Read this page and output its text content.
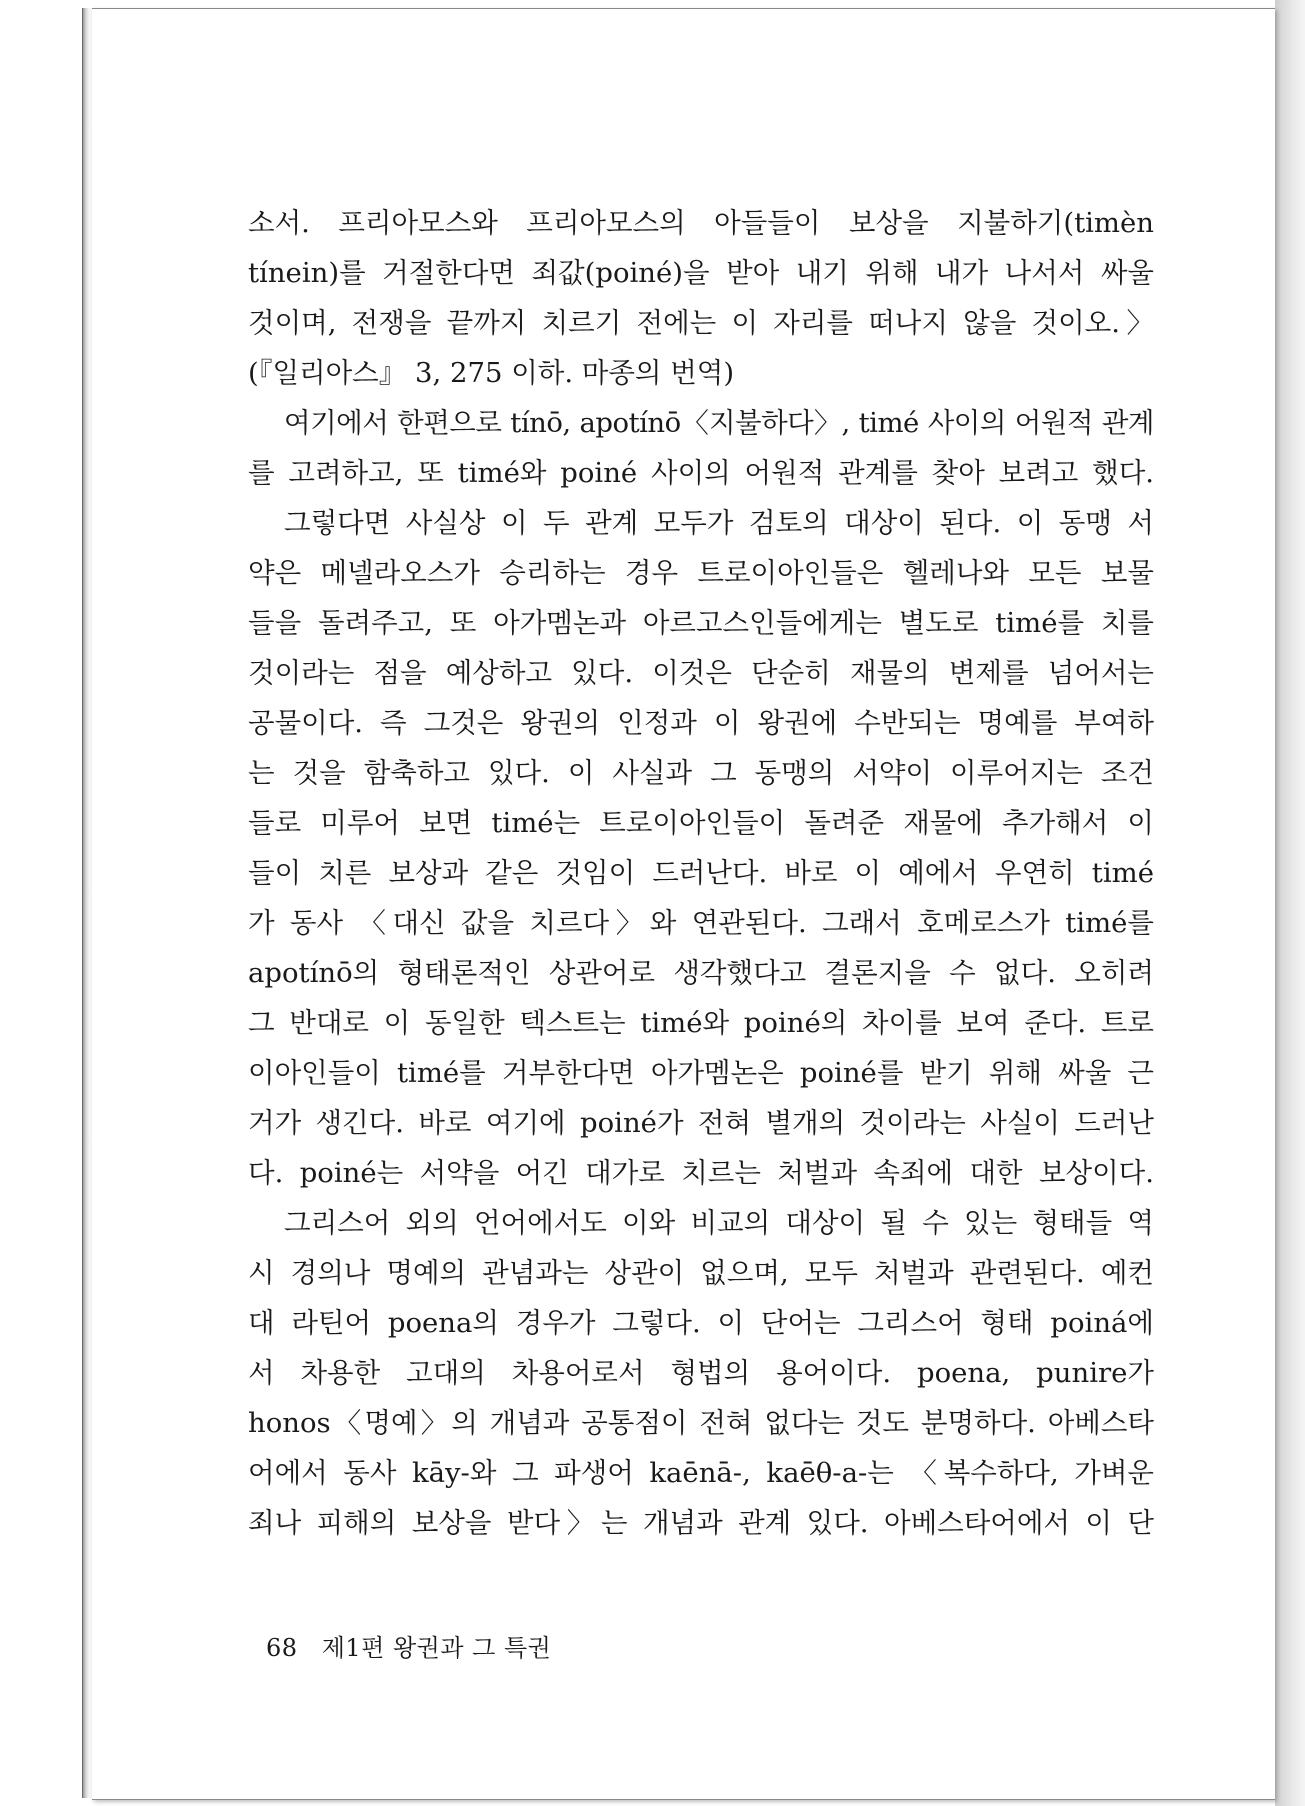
소서. 프리아모스와 프리아모스의 아들들이 보상을 지불하기(timèn
tínein)를 거절한다면 죄값(poiné)을 받아 내기 위해 내가 나서서 싸울
것이며, 전쟁을 끝까지 치르기 전에는 이 자리를 떠나지 않을 것이오.〉
(『일리아스』 3, 275 이하. 마종의 번역)
여기에서 한편으로 tínō, apotínō〈지불하다〉, timé 사이의 어원적 관계
를 고려하고, 또 timé와 poiné 사이의 어원적 관계를 찾아 보려고 했다.
그렇다면 사실상 이 두 관계 모두가 검토의 대상이 된다. 이 동맹 서
약은 메넬라오스가 승리하는 경우 트로이아인들은 헬레나와 모든 보물
들을 돌려주고, 또 아가멤논과 아르고스인들에게는 별도로 timé를 치를
것이라는 점을 예상하고 있다. 이것은 단순히 재물의 변제를 넘어서는
공물이다. 즉 그것은 왕권의 인정과 이 왕권에 수반되는 명예를 부여하
는 것을 함축하고 있다. 이 사실과 그 동맹의 서약이 이루어지는 조건
들로 미루어 보면 timé는 트로이아인들이 돌려준 재물에 추가해서 이
들이 치른 보상과 같은 것임이 드러난다. 바로 이 예에서 우연히 timé
가 동사 〈대신 값을 치르다〉와 연관된다. 그래서 호메로스가 timé를
apotínō의 형태론적인 상관어로 생각했다고 결론지을 수 없다. 오히려
그 반대로 이 동일한 텍스트는 timé와 poiné의 차이를 보여 준다. 트로
이아인들이 timé를 거부한다면 아가멤논은 poiné를 받기 위해 싸울 근
거가 생긴다. 바로 여기에 poiné가 전혀 별개의 것이라는 사실이 드러난
다. poiné는 서약을 어긴 대가로 치르는 처벌과 속죄에 대한 보상이다.
그리스어 외의 언어에서도 이와 비교의 대상이 될 수 있는 형태들 역
시 경의나 명예의 관념과는 상관이 없으며, 모두 처벌과 관련된다. 예컨
대 라틴어 poena의 경우가 그렇다. 이 단어는 그리스어 형태 poiná에
서 차용한 고대의 차용어로서 형법의 용어이다. poena, punire가
honos〈명예〉의 개념과 공통점이 전혀 없다는 것도 분명하다. 아베스타
어에서 동사 kāy-와 그 파생어 kaēnā-, kaēθ-a-는 〈복수하다, 가벼운
죄나 피해의 보상을 받다〉는 개념과 관계 있다. 아베스타어에서 이 단
68 제1편 왕권과 그 특권
